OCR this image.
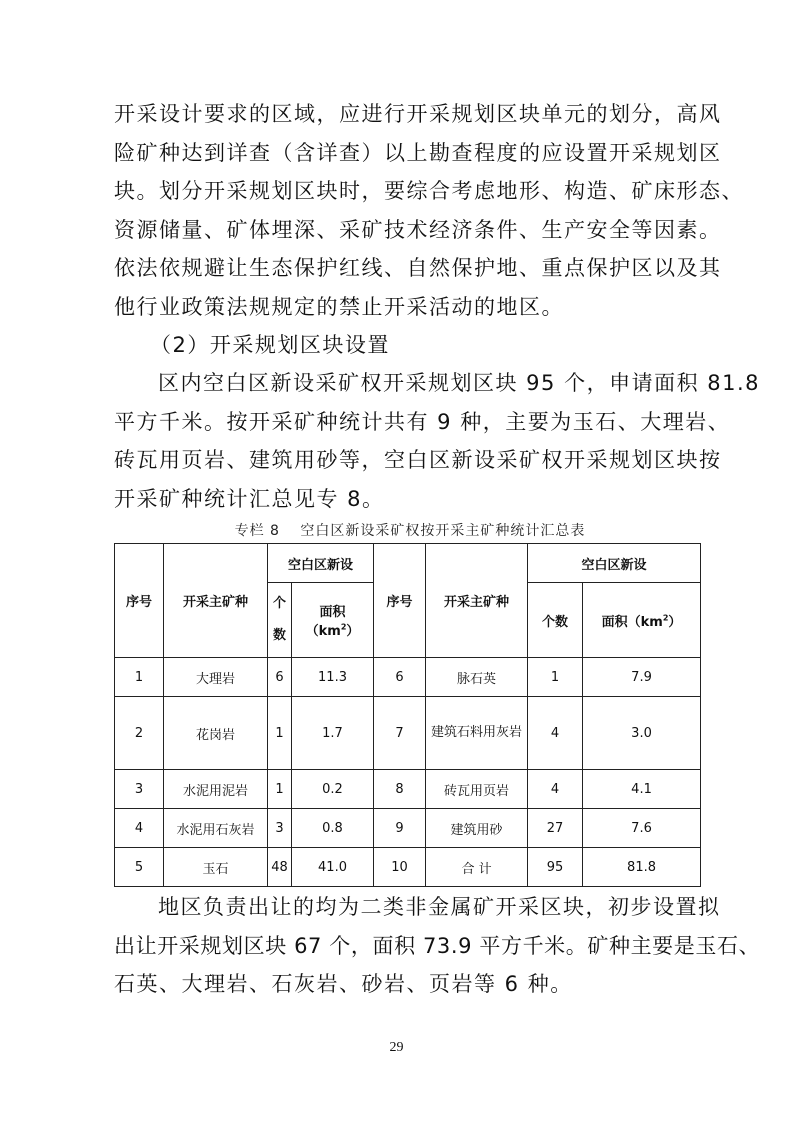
开采设计要求的区域，应进行开采规划区块单元的划分，高风
险矿种达到详查（含详查）以上勘查程度的应设置开采规划区
块。划分开采规划区块时，要综合考虑地形、构造、矿床形态、
资源储量、矿体埋深、采矿技术经济条件、生产安全等因素。
依法依规避让生态保护红线、自然保护地、重点保护区以及其
他行业政策法规规定的禁止开采活动的地区。
（2）开采规划区块设置
区内空白区新设采矿权开采规划区块 95 个，申请面积 81.8
平方千米。按开采矿种统计共有 9 种，主要为玉石、大理岩、
砖瓦用页岩、建筑用砂等，空白区新设采矿权开采规划区块按
开采矿种统计汇总见专 8。
专栏 8　 空白区新设采矿权按开采主矿种统计汇总表
序号	开采主矿种	空白区新设		序号	开采主矿种	空白区新设	
		个数	面积$(km^2)$			个数	面积$(km^2)$
1	大理岩	6	11.3	6	脉石英	1	7.9
2	花岗岩	1	1.7	7	建筑石料用灰岩	4	3.0
3	水泥用泥岩	1	0.2	8	砖瓦用页岩	4	4.1
4	水泥用石灰岩	3	0.8	9	建筑用砂	27	7.6
5	玉石	48	41.0	10	合 计	95	81.8
地区负责出让的均为二类非金属矿开采区块，初步设置拟
出让开采规划区块 67 个，面积 73.9 平方千米。矿种主要是玉石、
石英、大理岩、石灰岩、砂岩、页岩等 6 种。
29
